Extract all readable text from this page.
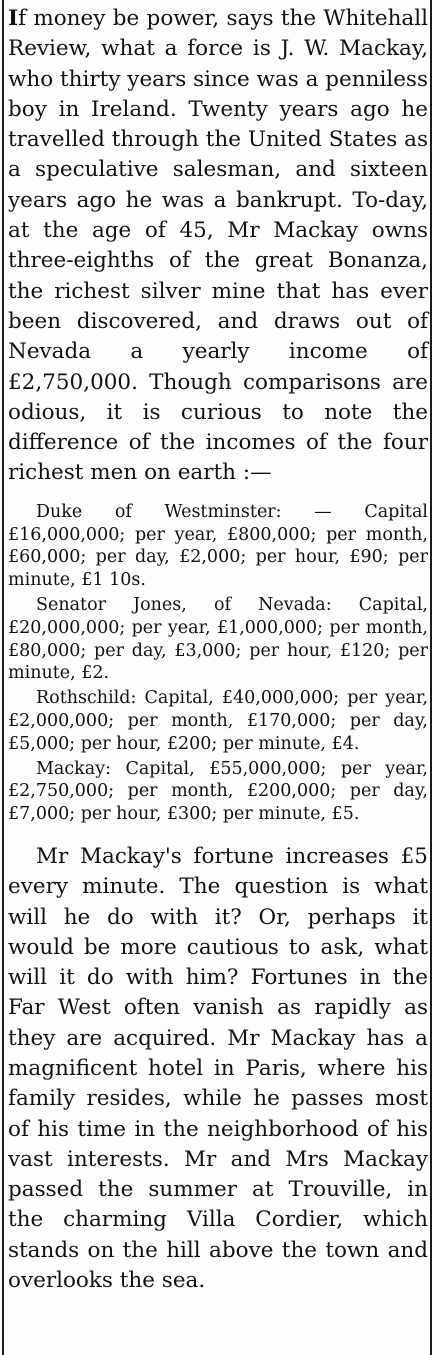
If money be power, says the Whitehall Review, what a force is J. W. Mackay, who thirty years since was a penniless boy in Ireland. Twenty years ago he travelled through the United States as a speculative salesman, and sixteen years ago he was a bankrupt. To-day, at the age of 45, Mr Mackay owns three-eighths of the great Bonanza, the richest silver mine that has ever been discovered, and draws out of Nevada a yearly income of £2,750,000. Though comparisons are odious, it is curious to note the difference of the incomes of the four richest men on earth :—

Duke of Westminster: — Capital £16,000,000; per year, £800,000; per month, £60,000; per day, £2,000; per hour, £90; per minute, £1 10s.

Senator Jones, of Nevada: Capital, £20,000,000; per year, £1,000,000; per month, £80,000; per day, £3,000; per hour, £120; per minute, £2.

Rothschild: Capital, £40,000,000; per year, £2,000,000; per month, £170,000; per day, £5,000; per hour, £200; per minute, £4.

Mackay: Capital, £55,000,000; per year, £2,750,000; per month, £200,000; per day, £7,000; per hour, £300; per minute, £5.

Mr Mackay's fortune increases £5 every minute. The question is what will he do with it? Or, perhaps it would be more cautious to ask, what will it do with him? Fortunes in the Far West often vanish as rapidly as they are acquired. Mr Mackay has a magnificent hotel in Paris, where his family resides, while he passes most of his time in the neighborhood of his vast interests. Mr and Mrs Mackay passed the summer at Trouville, in the charming Villa Cordier, which stands on the hill above the town and overlooks the sea.
